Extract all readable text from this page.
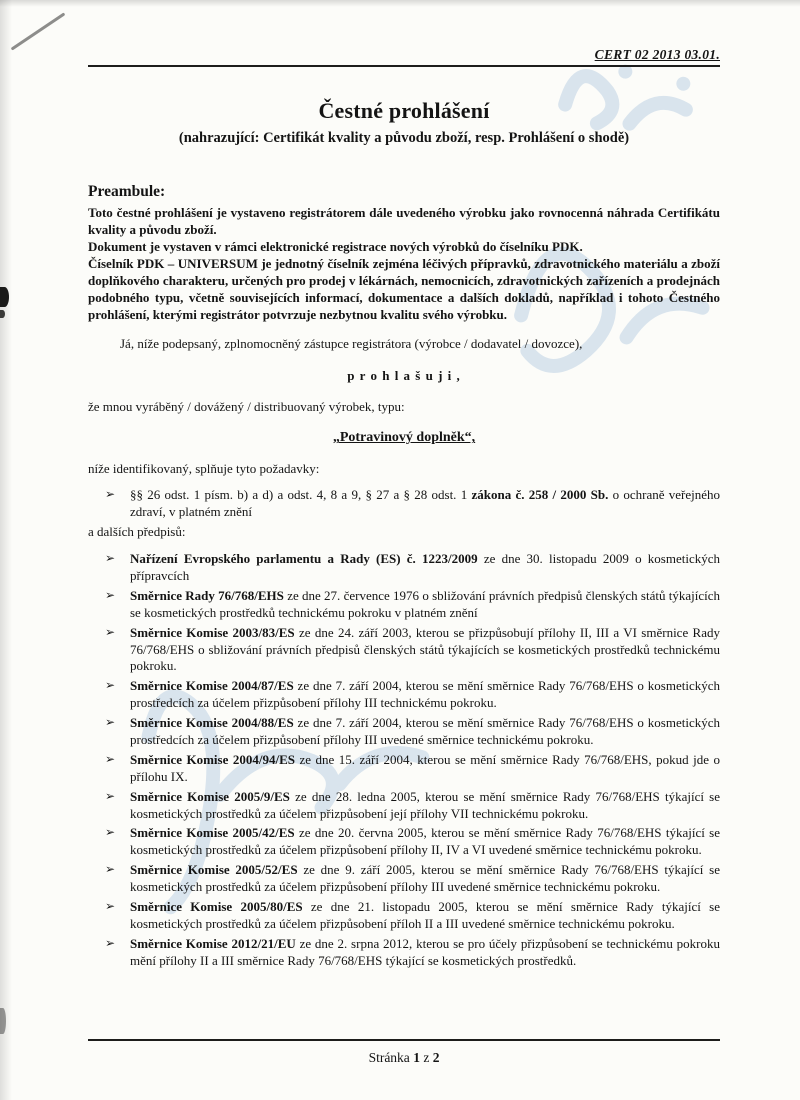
CERT 02 2013 03.01.
Čestné prohlášení
(nahrazující: Certifikát kvality a původu zboží, resp. Prohlášení o shodě)
Preambule:

Toto čestné prohlášení je vystaveno registrátorem dále uvedeného výrobku jako rovnocenná náhrada Certifikátu kvality a původu zboží.

Dokument je vystaven v rámci elektronické registrace nových výrobků do číselníku PDK.

Číselník PDK – UNIVERSUM je jednotný číselník zejména léčivých přípravků, zdravotnického materiálu a zboží doplňkového charakteru, určených pro prodej v lékárnách, nemocnicích, zdravotnických zařízeních a prodejnách podobného typu, včetně souvisejících informací, dokumentace a dalších dokladů, například i tohoto Čestného prohlášení, kterými registrátor potvrzuje nezbytnou kvalitu svého výrobku.

Já, níže podepsaný, zplnomocněný zástupce registrátora (výrobce / dodavatel / dovozce),

p r o h l a š u j i ,

že mnou vyráběný / dovážený / distribuovaný výrobek, typu:

„Potravinový doplněk“,

níže identifikovaný, splňuje tyto požadavky:

➢ §§ 26 odst. 1 písm. b) a d) a odst. 4, 8 a 9, § 27 a § 28 odst. 1 zákona č. 258 / 2000 Sb. o ochraně veřejného zdraví, v platném znění

a dalších předpisů:

➢ Nařízení Evropského parlamentu a Rady (ES) č. 1223/2009 ze dne 30. listopadu 2009 o kosmetických přípravcích
➢ Směrnice Rady 76/768/EHS ze dne 27. července 1976 o sbližování právních předpisů členských států týkajících se kosmetických prostředků technickému pokroku v platném znění
➢ Směrnice Komise 2003/83/ES ze dne 24. září 2003, kterou se přizpůsobují přílohy II, III a VI směrnice Rady 76/768/EHS o sbližování právních předpisů členských států týkajících se kosmetických prostředků technickému pokroku.
➢ Směrnice Komise 2004/87/ES ze dne 7. září 2004, kterou se mění směrnice Rady 76/768/EHS o kosmetických prostředcích za účelem přizpůsobení přílohy III technickému pokroku.
➢ Směrnice Komise 2004/88/ES ze dne 7. září 2004, kterou se mění směrnice Rady 76/768/EHS o kosmetických prostředcích za účelem přizpůsobení přílohy III uvedené směrnice technickému pokroku.
➢ Směrnice Komise 2004/94/ES ze dne 15. září 2004, kterou se mění směrnice Rady 76/768/EHS, pokud jde o přílohu IX.
➢ Směrnice Komise 2005/9/ES ze dne 28. ledna 2005, kterou se mění směrnice Rady 76/768/EHS týkající se kosmetických prostředků za účelem přizpůsobení její přílohy VII technickému pokroku.
➢ Směrnice Komise 2005/42/ES ze dne 20. června 2005, kterou se mění směrnice Rady 76/768/EHS týkající se kosmetických prostředků za účelem přizpůsobení přílohy II, IV a VI uvedené směrnice technickému pokroku.
➢ Směrnice Komise 2005/52/ES ze dne 9. září 2005, kterou se mění směrnice Rady 76/768/EHS týkající se kosmetických prostředků za účelem přizpůsobení přílohy III uvedené směrnice technickému pokroku.
➢ Směrnice Komise 2005/80/ES ze dne 21. listopadu 2005, kterou se mění směrnice Rady týkající se kosmetických prostředků za účelem přizpůsobení příloh II a III uvedené směrnice technickému pokroku.
➢ Směrnice Komise 2012/21/EU ze dne 2. srpna 2012, kterou se pro účely přizpůsobení se technickému pokroku mění přílohy II a III směrnice Rady 76/768/EHS týkající se kosmetických prostředků.
Stránka 1 z 2
